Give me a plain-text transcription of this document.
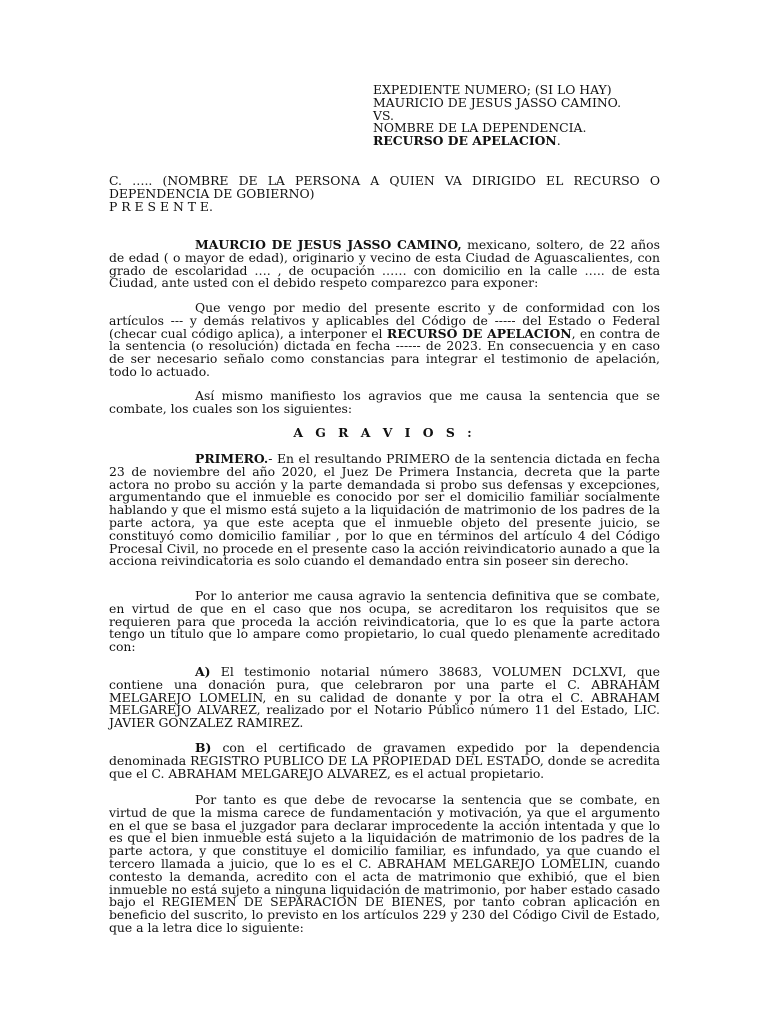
EXPEDIENTE NUMERO; (SI LO HAY)
MAURICIO DE JESUS JASSO CAMINO.
VS.
NOMBRE DE LA DEPENDENCIA.
RECURSO DE APELACION.

C. ….. (NOMBRE DE LA PERSONA A QUIEN VA DIRIGIDO EL RECURSO O DEPENDENCIA DE GOBIERNO)

P R E S E N T E.

MAURCIO DE JESUS JASSO CAMINO, mexicano, soltero, de 22 años de edad ( o mayor de edad), originario y vecino de esta Ciudad de Aguascalientes, con grado de escolaridad …. , de ocupación …… con domicilio en la calle ….. de esta Ciudad, ante usted con el debido respeto comparezco para exponer:

Que vengo por medio del presente escrito y de conformidad con los artículos --- y demás relativos y aplicables del Código de ----- del Estado o Federal (checar cual código aplica), a interponer el RECURSO DE APELACION, en contra de la sentencia (o resolución) dictada en fecha ------ de 2023. En consecuencia y en caso de ser necesario señalo como constancias para integrar el testimonio de apelación, todo lo actuado.

Así mismo manifiesto los agravios que me causa la sentencia que se combate, los cuales son los siguientes:

A G R A V I O S :

PRIMERO.- En el resultando PRIMERO de la sentencia dictada en fecha 23 de noviembre del año 2020, el Juez De Primera Instancia, decreta que la parte actora no probo su acción y la parte demandada si probo sus defensas y excepciones, argumentando que el inmueble es conocido por ser el domicilio familiar socialmente hablando y que el mismo está sujeto a la liquidación de matrimonio de los padres de la parte actora, ya que este acepta que el inmueble objeto del presente juicio, se constituyó como domicilio familiar , por lo que en términos del artículo 4 del Código Procesal Civil, no procede en el presente caso la acción reivindicatorio aunado a que la acciona reivindicatoria es solo cuando el demandado entra sin poseer sin derecho.

Por lo anterior me causa agravio la sentencia definitiva que se combate, en virtud de que en el caso que nos ocupa, se acreditaron los requisitos que se requieren para que proceda la acción reivindicatoria, que lo es que la parte actora tengo un titulo que lo ampare como propietario, lo cual quedo plenamente acreditado con:

A) El testimonio notarial número 38683, VOLUMEN DCLXVI, que contiene una donación pura, que celebraron por una parte el C. ABRAHAM MELGAREJO LOMELIN, en su calidad de donante y por la otra el C. ABRAHAM MELGAREJO ALVAREZ, realizado por el Notario Público número 11 del Estado, LIC. JAVIER GONZALEZ RAMIREZ.

B) con el certificado de gravamen expedido por la dependencia denominada REGISTRO PUBLICO DE LA PROPIEDAD DEL ESTADO, donde se acredita que el C. ABRAHAM MELGAREJO ALVAREZ, es el actual propietario.

Por tanto es que debe de revocarse la sentencia que se combate, en virtud de que la misma carece de fundamentación y motivación, ya que el argumento en el que se basa el juzgador para declarar improcedente la acción intentada y que lo es que el bien inmueble está sujeto a la liquidación de matrimonio de los padres de la parte actora, y que constituye el domicilio familiar, es infundado, ya que cuando el tercero llamada a juicio, que lo es el C. ABRAHAM MELGAREJO LOMELIN, cuando contesto la demanda, acredito con el acta de matrimonio que exhibió, que el bien inmueble no está sujeto a ninguna liquidación de matrimonio, por haber estado casado bajo el REGIEMEN DE SEPARACION DE BIENES, por tanto cobran aplicación en beneficio del suscrito, lo previsto en los artículos 229 y 230 del Código Civil de Estado, que a la letra dice lo siguiente:
